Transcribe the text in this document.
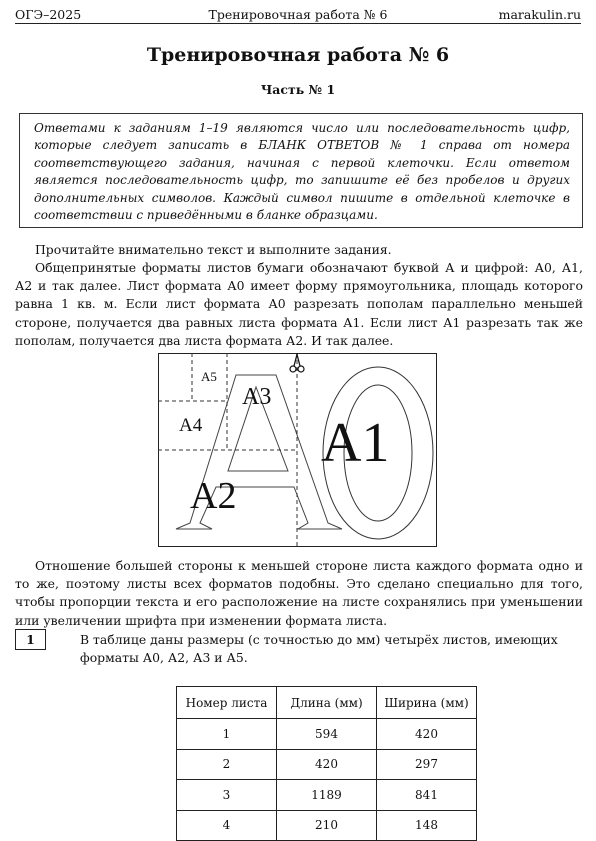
ОГЭ–2025	Тренировочная работа № 6	marakulin.ru
Тренировочная работа № 6
Часть № 1
Ответами к заданиям 1–19 являются число или последовательность цифр, которые следует записать в БЛАНК ОТВЕТОВ № 1 справа от номера соответствующего задания, начиная с первой клеточки. Если ответом является последовательность цифр, то запишите её без пробелов и других дополнительных символов. Каждый символ пишите в отдельной клеточке в соответствии с приведёнными в бланке образцами.
Прочитайте внимательно текст и выполните задания.
Общепринятые форматы листов бумаги обозначают буквой А и цифрой: А0, А1, А2 и так далее. Лист формата А0 имеет форму прямоугольника, площадь которого равна 1 кв. м. Если лист формата А0 разрезать пополам параллельно меньшей стороне, получается два равных листа формата А1. Если лист А1 разрезать так же пополам, получается два листа формата А2. И так далее.
А5
А3
А4
А2
А1
Отношение большей стороны к меньшей стороне листа каждого формата одно и то же, поэтому листы всех форматов подобны. Это сделано специально для того, чтобы пропорции текста и его расположение на листе сохранялись при уменьшении или увеличении шрифта при изменении формата листа.
1	В таблице даны размеры (с точностью до мм) четырёх листов, имеющих форматы А0, А2, А3 и А5.
Номер листа	Длина (мм)	Ширина (мм)
1	594	420
2	420	297
3	1189	841
4	210	148
